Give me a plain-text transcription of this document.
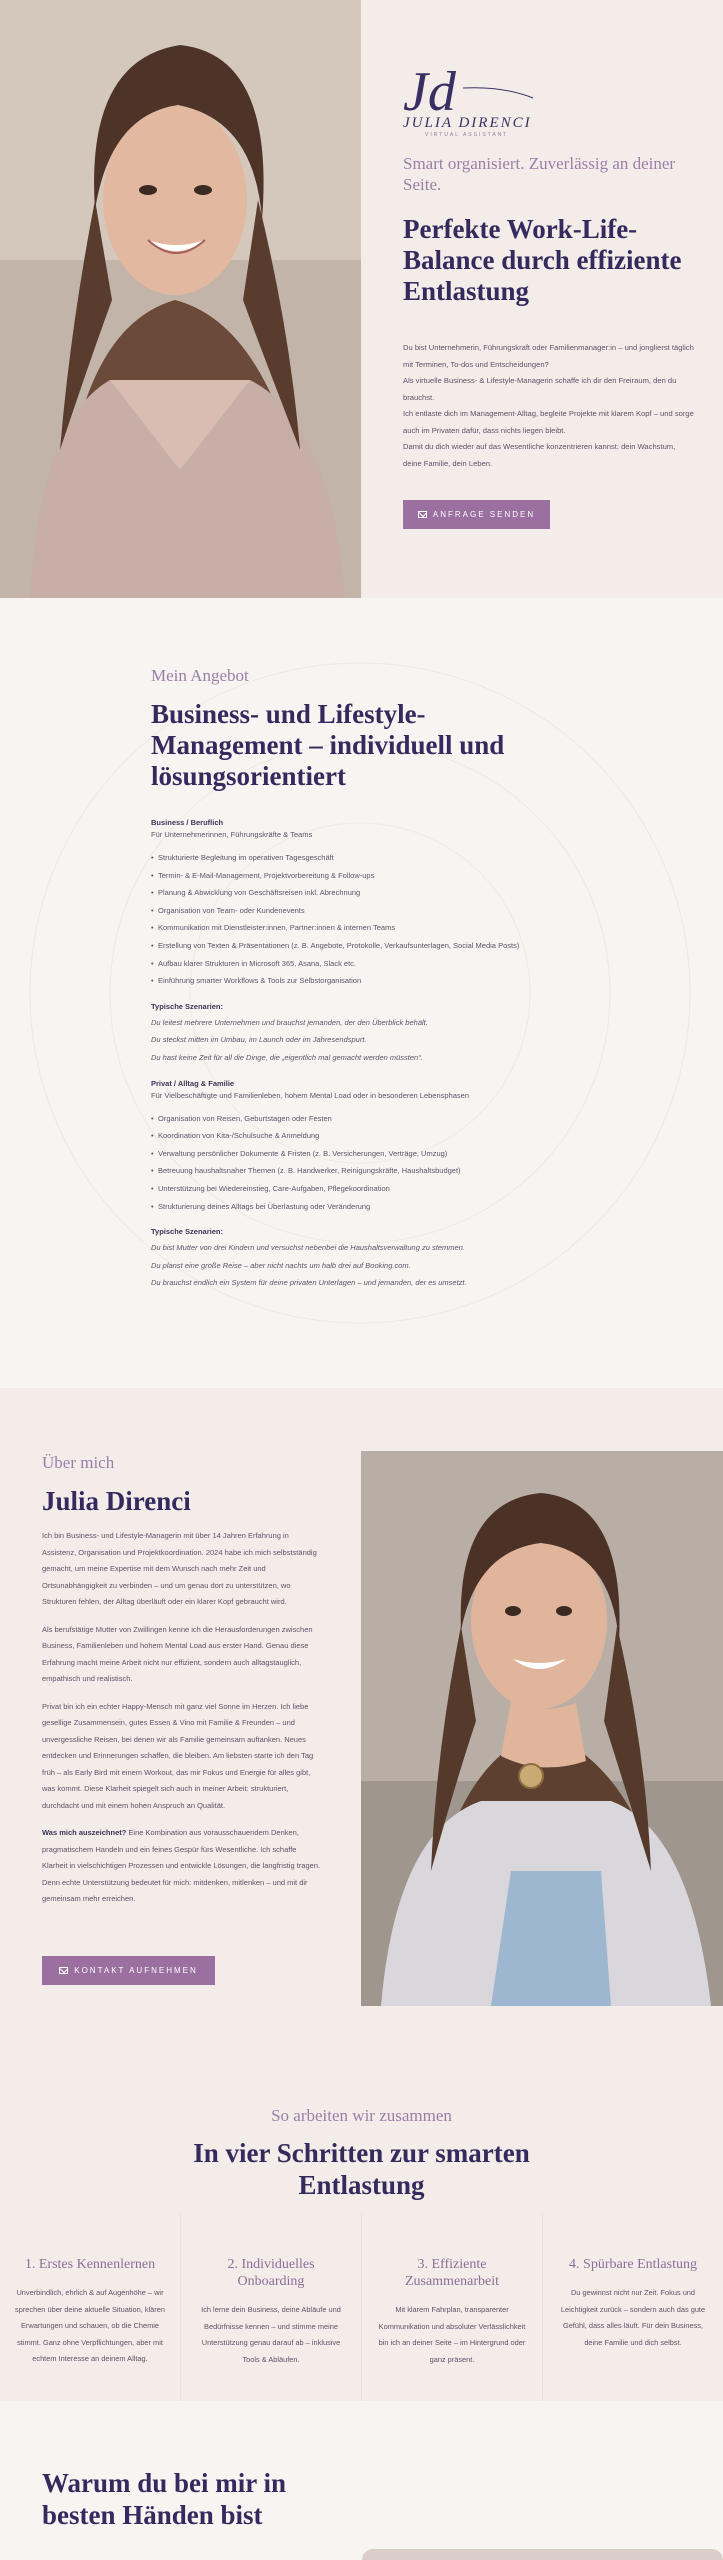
Jd
JULIA DIRENCI
VIRTUAL ASSISTANT
Smart organisiert. Zuverlässig an deiner Seite.
Perfekte Work-Life-Balance durch effiziente Entlastung

Du bist Unternehmerin, Führungskraft oder Familienmanager:in – und jonglierst täglich mit Terminen, To-dos und Entscheidungen?

Als virtuelle Business- & Lifestyle-Managerin schaffe ich dir den Freiraum, den du brauchst.

Ich entlaste dich im Management-Alltag, begleite Projekte mit klarem Kopf – und sorge auch im Privaten dafür, dass nichts liegen bleibt.

Damit du dich wieder auf das Wesentliche konzentrieren kannst: dein Wachstum, deine Familie, dein Leben.

ANFRAGE SENDEN
Mein Angebot
Business- und Lifestyle-Management – individuell und lösungsorientiert
Business / Beruflich
Für Unternehmerinnen, Führungskräfte & Teams
• Strukturierte Begleitung im operativen Tagesgeschäft
• Termin- & E-Mail-Management, Projektvorbereitung & Follow-ups
• Planung & Abwicklung von Geschäftsreisen inkl. Abrechnung
• Organisation von Team- oder Kundenevents
• Kommunikation mit Dienstleister:innen, Partner:innen & internen Teams
• Erstellung von Texten & Präsentationen (z. B. Angebote, Protokolle, Verkaufsunterlagen, Social Media Posts)
• Aufbau klarer Strukturen in Microsoft 365, Asana, Slack etc.
• Einführung smarter Workflows & Tools zur Selbstorganisation
Typische Szenarien:
Du leitest mehrere Unternehmen und brauchst jemanden, der den Überblick behält.
Du steckst mitten im Umbau, im Launch oder im Jahresendspurt.
Du hast keine Zeit für all die Dinge, die „eigentlich mal gemacht werden müssten“.
Privat / Alltag & Familie
Für Vielbeschäftigte und Familienleben, hohem Mental Load oder in besonderen Lebensphasen
• Organisation von Reisen, Geburtstagen oder Festen
• Koordination von Kita-/Schulsuche & Anmeldung
• Verwaltung persönlicher Dokumente & Fristen (z. B. Versicherungen, Verträge, Umzug)
• Betreuung haushaltsnaher Themen (z. B. Handwerker, Reinigungskräfte, Haushaltsbudget)
• Unterstützung bei Wiedereinstieg, Care-Aufgaben, Pflegekoordination
• Strukturierung deines Alltags bei Überlastung oder Veränderung
Typische Szenarien:
Du bist Mutter von drei Kindern und versuchst nebenbei die Haushaltsverwaltung zu stemmen.
Du planst eine große Reise – aber nicht nachts um halb drei auf Booking.com.
Du brauchst endlich ein System für deine privaten Unterlagen – und jemanden, der es umsetzt.
Über mich
Julia Direnci

Ich bin Business- und Lifestyle-Managerin mit über 14 Jahren Erfahrung in Assistenz, Organisation und Projektkoordination. 2024 habe ich mich selbstständig gemacht, um meine Expertise mit dem Wunsch nach mehr Zeit und Ortsunabhängigkeit zu verbinden – und um genau dort zu unterstützen, wo Strukturen fehlen, der Alltag überläuft oder ein klarer Kopf gebraucht wird.

Als berufstätige Mutter von Zwillingen kenne ich die Herausforderungen zwischen Business, Familienleben und hohem Mental Load aus erster Hand. Genau diese Erfahrung macht meine Arbeit nicht nur effizient, sondern auch alltagstauglich, empathisch und realistisch.

Privat bin ich ein echter Happy-Mensch mit ganz viel Sonne im Herzen. Ich liebe gesellige Zusammensein, gutes Essen & Vino mit Familie & Freunden – und unvergessliche Reisen, bei denen wir als Familie gemeinsam auftanken. Neues entdecken und Erinnerungen schaffen, die bleiben. Am liebsten starte ich den Tag früh – als Early Bird mit einem Workout, das mir Fokus und Energie für alles gibt, was kommt. Diese Klarheit spiegelt sich auch in meiner Arbeit: strukturiert, durchdacht und mit einem hohen Anspruch an Qualität.

Was mich auszeichnet? Eine Kombination aus vorausschauendem Denken, pragmatischem Handeln und ein feines Gespür fürs Wesentliche. Ich schaffe Klarheit in vielschichtigen Prozessen und entwickle Lösungen, die langfristig tragen. Denn echte Unterstützung bedeutet für mich: mitdenken, mitlenken – und mit dir gemeinsam mehr erreichen.

KONTAKT AUFNEHMEN
So arbeiten wir zusammen
In vier Schritten zur smarten Entlastung
1. Erstes Kennenlernen
Unverbindlich, ehrlich & auf Augenhöhe – wir sprechen über deine aktuelle Situation, klären Erwartungen und schauen, ob die Chemie stimmt. Ganz ohne Verpflichtungen, aber mit echtem Interesse an deinem Alltag.
2. Individuelles Onboarding
Ich lerne dein Business, deine Abläufe und Bedürfnisse kennen – und stimme meine Unterstützung genau darauf ab – inklusive Tools & Abläufen.
3. Effiziente Zusammenarbeit
Mit klarem Fahrplan, transparenter Kommunikation und absoluter Verlässlichkeit bin ich an deiner Seite – im Hintergrund oder ganz präsent.
4. Spürbare Entlastung
Du gewinnst nicht nur Zeit. Fokus und Leichtigkeit zurück – sondern auch das gute Gefühl, dass alles läuft. Für dein Business, deine Familie und dich selbst.
Warum du bei mir in besten Händen bist
